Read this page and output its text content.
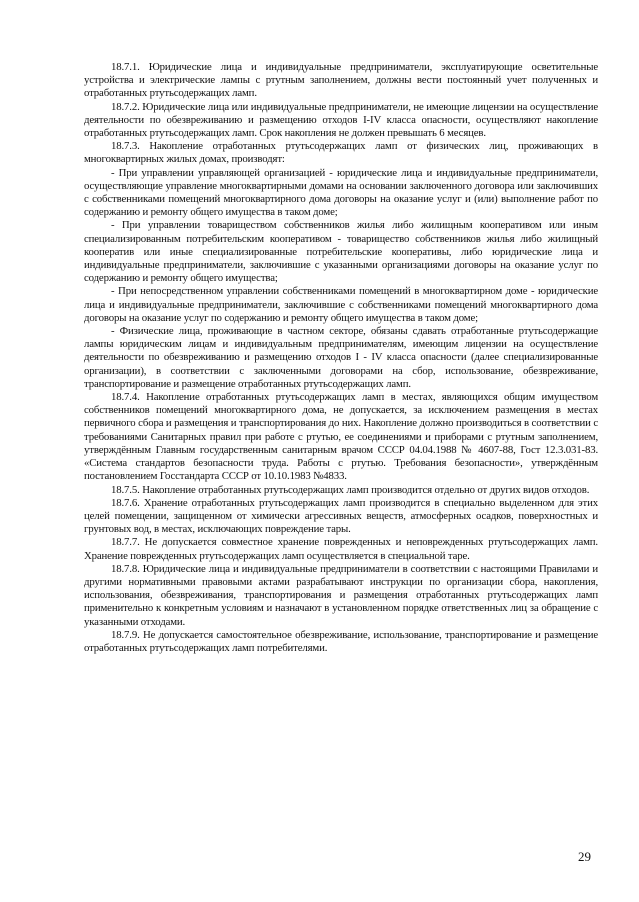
18.7.1. Юридические лица и индивидуальные предприниматели, эксплуатирующие осветительные устройства и электрические лампы с ртутным заполнением, должны вести постоянный учет полученных и отработанных ртутьсодержащих ламп.

18.7.2. Юридические лица или индивидуальные предприниматели, не имеющие лицензии на осуществление деятельности по обезвреживанию и размещению отходов I-IV класса опасности, осуществляют накопление отработанных ртутьсодержащих ламп. Срок накопления не должен превышать 6 месяцев.

18.7.3. Накопление отработанных ртутьсодержащих ламп от физических лиц, проживающих в многоквартирных жилых домах, производят:

- При управлении управляющей организацией - юридические лица и индивидуальные предприниматели, осуществляющие управление многоквартирными домами на основании заключенного договора или заключивших с собственниками помещений многоквартирного дома договоры на оказание услуг и (или) выполнение работ по содержанию и ремонту общего имущества в таком доме;

- При управлении товариществом собственников жилья либо жилищным кооперативом или иным специализированным потребительским кооперативом - товарищество собственников жилья либо жилищный кооператив или иные специализированные потребительские кооперативы, либо юридические лица и индивидуальные предприниматели, заключившие с указанными организациями договоры на оказание услуг по содержанию и ремонту общего имущества;

- При непосредственном управлении собственниками помещений в многоквартирном доме - юридические лица и индивидуальные предприниматели, заключившие с собственниками помещений многоквартирного дома договоры на оказание услуг по содержанию и ремонту общего имущества в таком доме;

- Физические лица, проживающие в частном секторе, обязаны сдавать отработанные ртутьсодержащие лампы юридическим лицам и индивидуальным предпринимателям, имеющим лицензии на осуществление деятельности по обезвреживанию и размещению отходов I - IV класса опасности (далее специализированные организации), в соответствии с заключенными договорами на сбор, использование, обезвреживание, транспортирование и размещение отработанных ртутьсодержащих ламп.

18.7.4. Накопление отработанных ртутьсодержащих ламп в местах, являющихся общим имуществом собственников помещений многоквартирного дома, не допускается, за исключением размещения в местах первичного сбора и размещения и транспортирования до них. Накопление должно производиться в соответствии с требованиями Санитарных правил при работе с ртутью, ее соединениями и приборами с ртутным заполнением, утверждённым Главным государственным санитарным врачом СССР 04.04.1988 № 4607-88, Гост 12.3.031-83. «Система стандартов безопасности труда. Работы с ртутью. Требования безопасности», утверждённым постановлением Госстандарта СССР от 10.10.1983 №4833.

18.7.5. Накопление отработанных ртутьсодержащих ламп производится отдельно от других видов отходов.

18.7.6. Хранение отработанных ртутьсодержащих ламп производится в специально выделенном для этих целей помещении, защищенном от химически агрессивных веществ, атмосферных осадков, поверхностных и грунтовых вод, в местах, исключающих повреждение тары.

18.7.7. Не допускается совместное хранение поврежденных и неповрежденных ртутьсодержащих ламп. Хранение поврежденных ртутьсодержащих ламп осуществляется в специальной таре.

18.7.8. Юридические лица и индивидуальные предприниматели в соответствии с настоящими Правилами и другими нормативными правовыми актами разрабатывают инструкции по организации сбора, накопления, использования, обезвреживания, транспортирования и размещения отработанных ртутьсодержащих ламп применительно к конкретным условиям и назначают в установленном порядке ответственных лиц за обращение с указанными отходами.

18.7.9. Не допускается самостоятельное обезвреживание, использование, транспортирование и размещение отработанных ртутьсодержащих ламп потребителями.

29
